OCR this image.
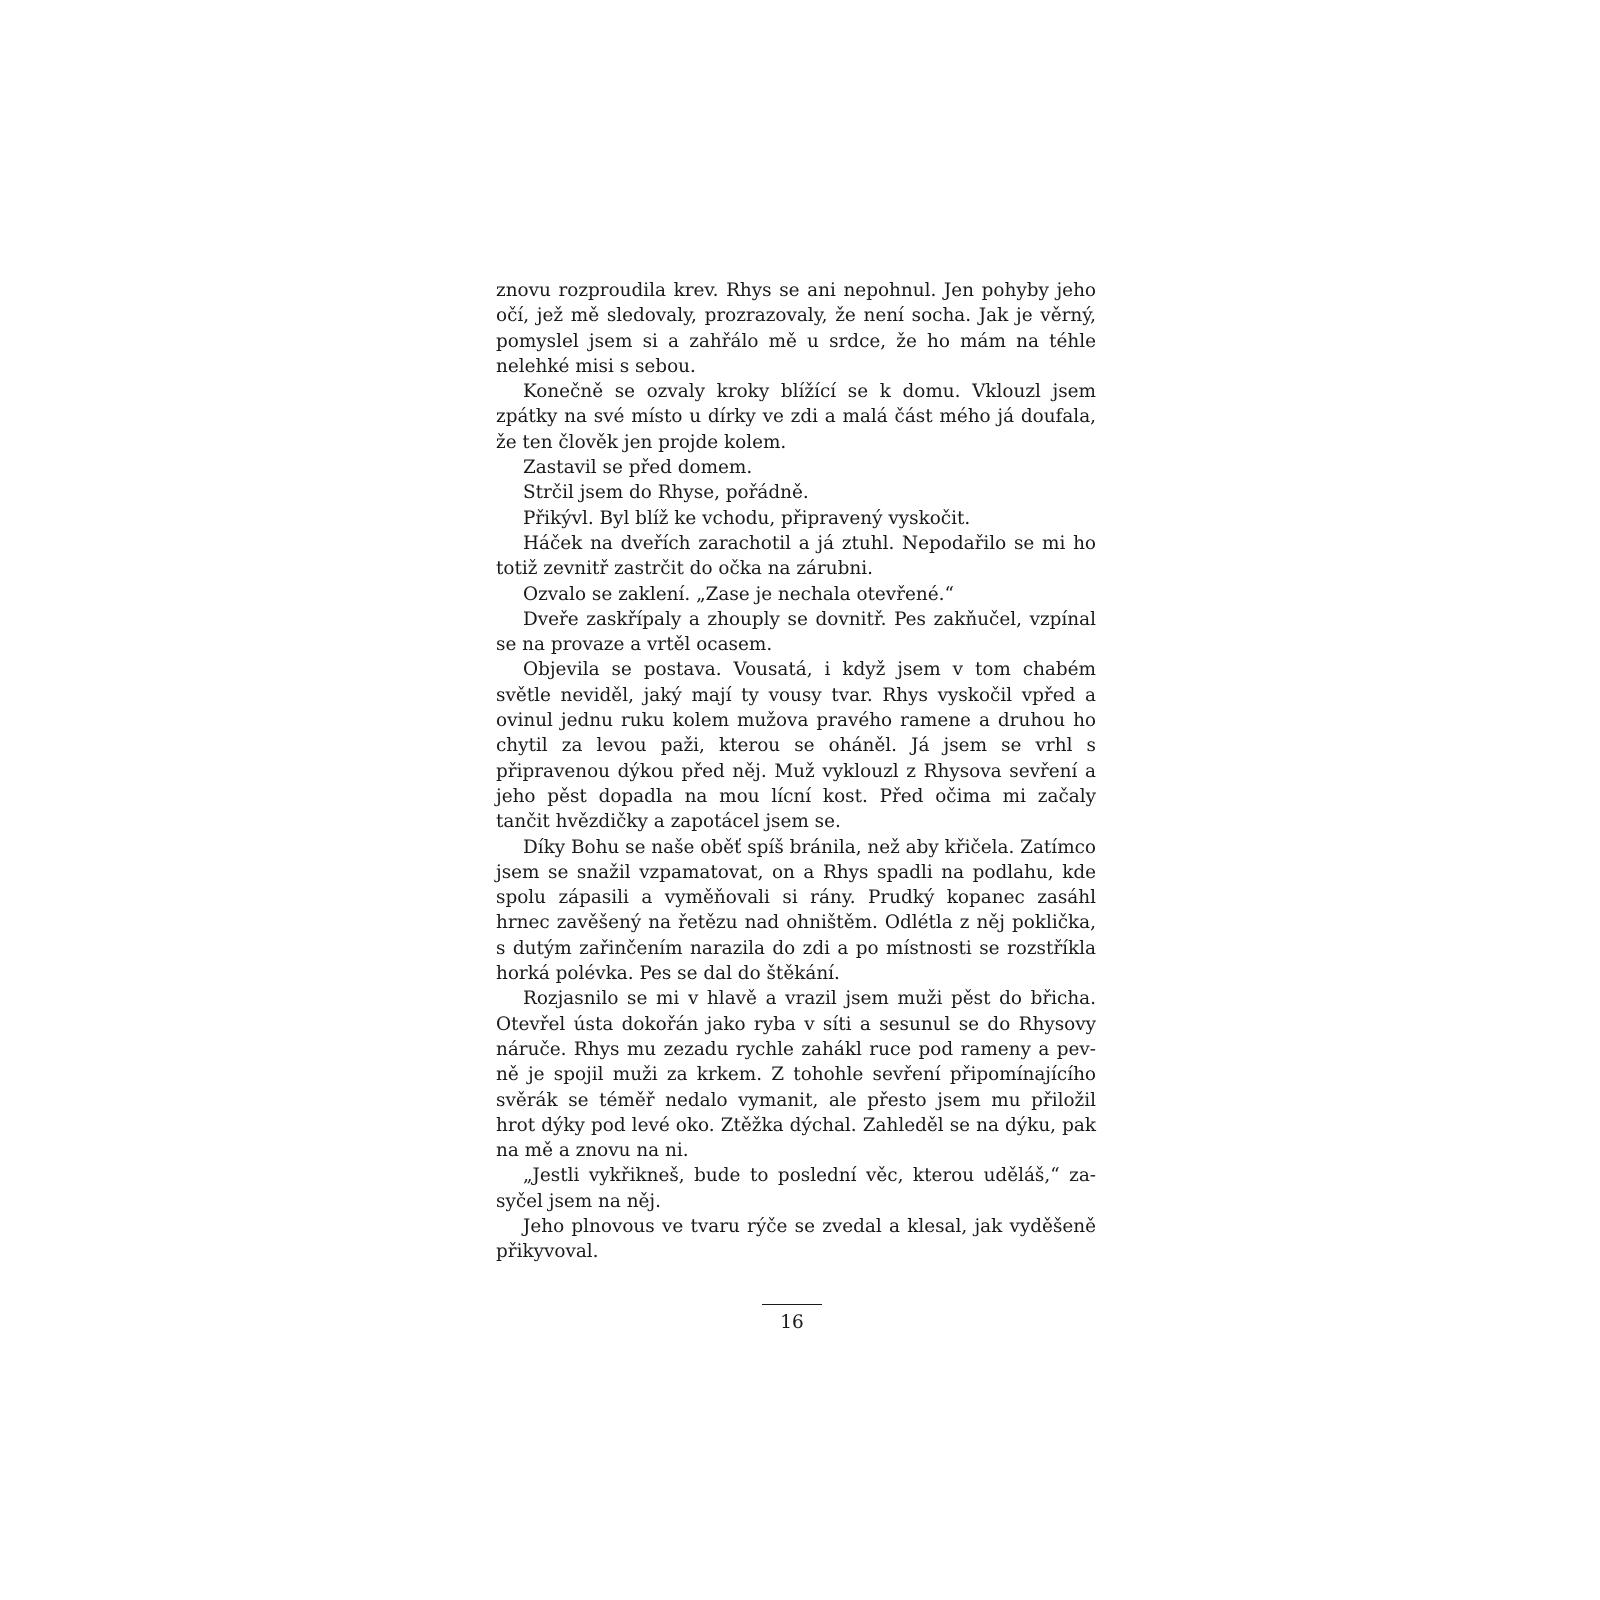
znovu rozproudila krev. Rhys se ani nepohnul. Jen pohyby jeho očí, jež mě sledovaly, prozrazovaly, že není socha. Jak je věrný, pomyslel jsem si a zahřálo mě u srdce, že ho mám na téhle nelehké misi s sebou.

Konečně se ozvaly kroky blížící se k domu. Vklouzl jsem zpátky na své místo u dírky ve zdi a malá část mého já doufala, že ten člověk jen projde kolem.

Zastavil se před domem.

Strčil jsem do Rhyse, pořádně.

Přikývl. Byl blíž ke vchodu, připravený vyskočit.

Háček na dveřích zarachotil a já ztuhl. Nepodařilo se mi ho totiž zevnitř zastrčit do očka na zárubni.

Ozvalo se zaklení. „Zase je nechala otevřené.“

Dveře zaskřípaly a zhouply se dovnitř. Pes zakňučel, vzpínal se na provaze a vrtěl ocasem.

Objevila se postava. Vousatá, i když jsem v tom chabém světle neviděl, jaký mají ty vousy tvar. Rhys vyskočil vpřed a ovinul jednu ruku kolem mužova pravého ramene a druhou ho chytil za levou paži, kterou se oháněl. Já jsem se vrhl s připravenou dýkou před něj. Muž vyklouzl z Rhysova sevření a jeho pěst dopadla na mou lícní kost. Před očima mi začaly tančit hvězdičky a zapotácel jsem se.

Díky Bohu se naše oběť spíš bránila, než aby křičela. Zatímco jsem se snažil vzpamatovat, on a Rhys spadli na podlahu, kde spolu zápasili a vyměňovali si rány. Prudký kopanec zasáhl hrnec zavěšený na řetězu nad ohništěm. Odlétla z něj poklička, s dutým zařinčením narazila do zdi a po místnosti se rozstříkla horká polévka. Pes se dal do štěkání.

Rozjasnilo se mi v hlavě a vrazil jsem muži pěst do břicha. Otevřel ústa dokořán jako ryba v síti a sesunul se do Rhysovy náruče. Rhys mu zezadu rychle zahákl ruce pod rameny a pevně je spojil muži za krkem. Z tohohle sevření připomínajícího svěrák se téměř nedalo vymanit, ale přesto jsem mu přiložil hrot dýky pod levé oko. Ztěžka dýchal. Zahleděl se na dýku, pak na mě a znovu na ni.

„Jestli vykřikneš, bude to poslední věc, kterou uděláš,“ zasyčel jsem na něj.

Jeho plnovous ve tvaru rýče se zvedal a klesal, jak vyděšeně přikyvoval.

16
